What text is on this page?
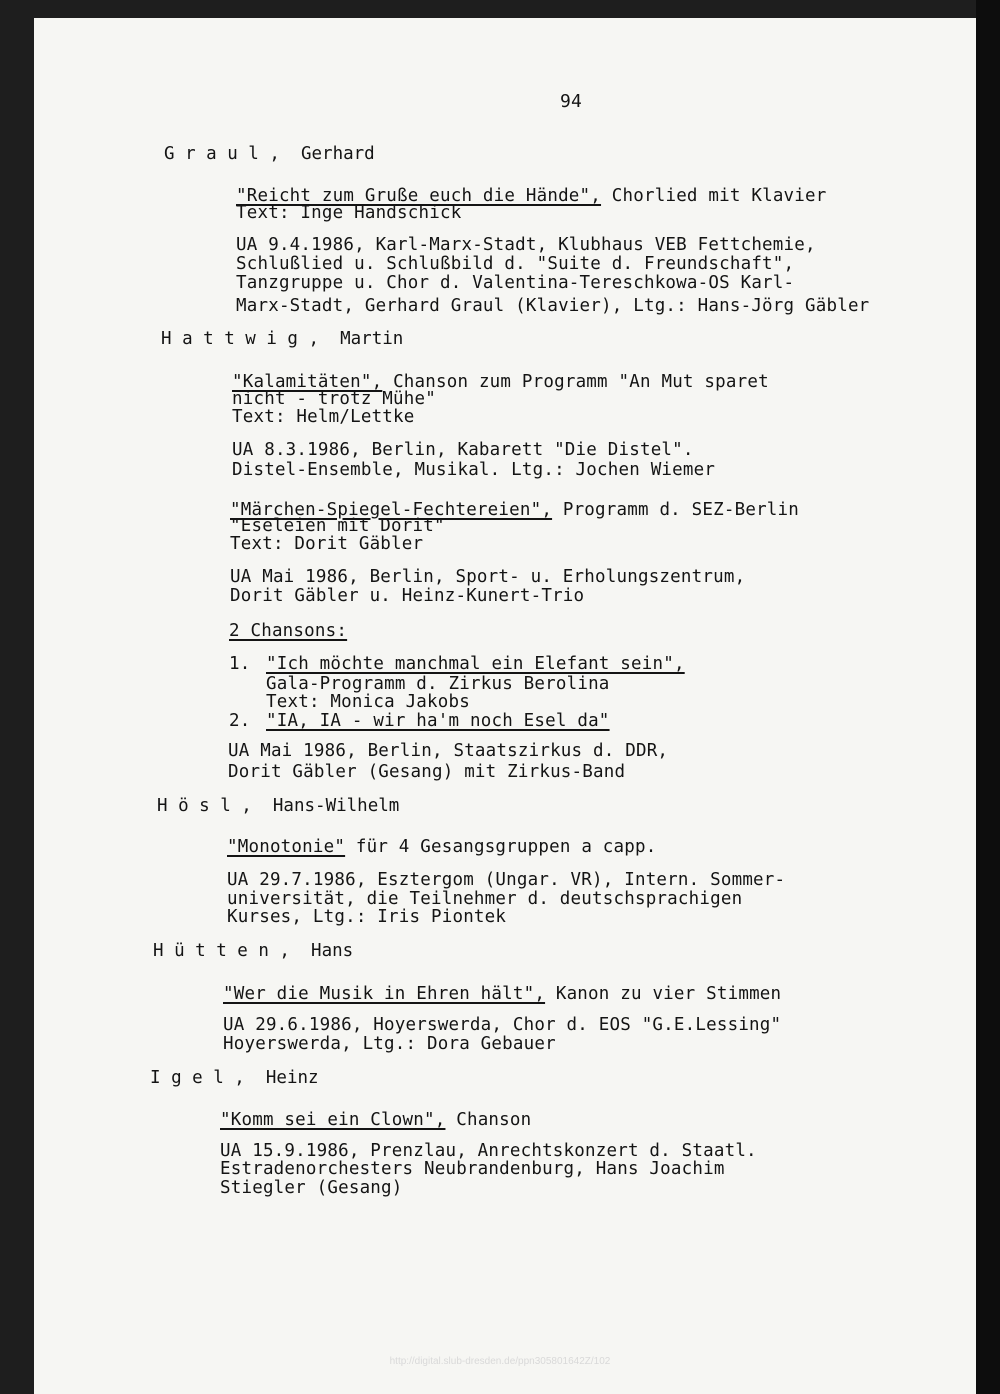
94
G r a u l ,  Gerhard
"Reicht zum Gruße euch die Hände", Chorlied mit Klavier
Text: Inge Handschick
UA 9.4.1986, Karl-Marx-Stadt, Klubhaus VEB Fettchemie,
Schlußlied u. Schlußbild d. "Suite d. Freundschaft",
Tanzgruppe u. Chor d. Valentina-Tereschkowa-OS Karl-
Marx-Stadt, Gerhard Graul (Klavier), Ltg.: Hans-Jörg Gäbler
H a t t w i g ,  Martin
"Kalamitäten", Chanson zum Programm "An Mut sparet
nicht - trotz Mühe"
Text: Helm/Lettke
UA 8.3.1986, Berlin, Kabarett "Die Distel".
Distel-Ensemble, Musikal. Ltg.: Jochen Wiemer
"Märchen-Spiegel-Fechtereien", Programm d. SEZ-Berlin
"Eseleien mit Dorit"
Text: Dorit Gäbler
UA Mai 1986, Berlin, Sport- u. Erholungszentrum,
Dorit Gäbler u. Heinz-Kunert-Trio
2 Chansons:
1. "Ich möchte manchmal ein Elefant sein",
Gala-Programm d. Zirkus Berolina
Text: Monica Jakobs
2. "IA, IA - wir ha'm noch Esel da"
UA Mai 1986, Berlin, Staatszirkus d. DDR,
Dorit Gäbler (Gesang) mit Zirkus-Band
H ö s l ,  Hans-Wilhelm
"Monotonie" für 4 Gesangsgruppen a capp.
UA 29.7.1986, Esztergom (Ungar. VR), Intern. Sommer-
universität, die Teilnehmer d. deutschsprachigen
Kurses, Ltg.: Iris Piontek
H ü t t e n ,  Hans
"Wer die Musik in Ehren hält", Kanon zu vier Stimmen
UA 29.6.1986, Hoyerswerda, Chor d. EOS "G.E.Lessing"
Hoyerswerda, Ltg.: Dora Gebauer
I g e l ,  Heinz
"Komm sei ein Clown", Chanson
UA 15.9.1986, Prenzlau, Anrechtskonzert d. Staatl.
Estradenorchesters Neubrandenburg, Hans Joachim
Stiegler (Gesang)
http://digital.slub-dresden.de/ppn305801642Z/102
